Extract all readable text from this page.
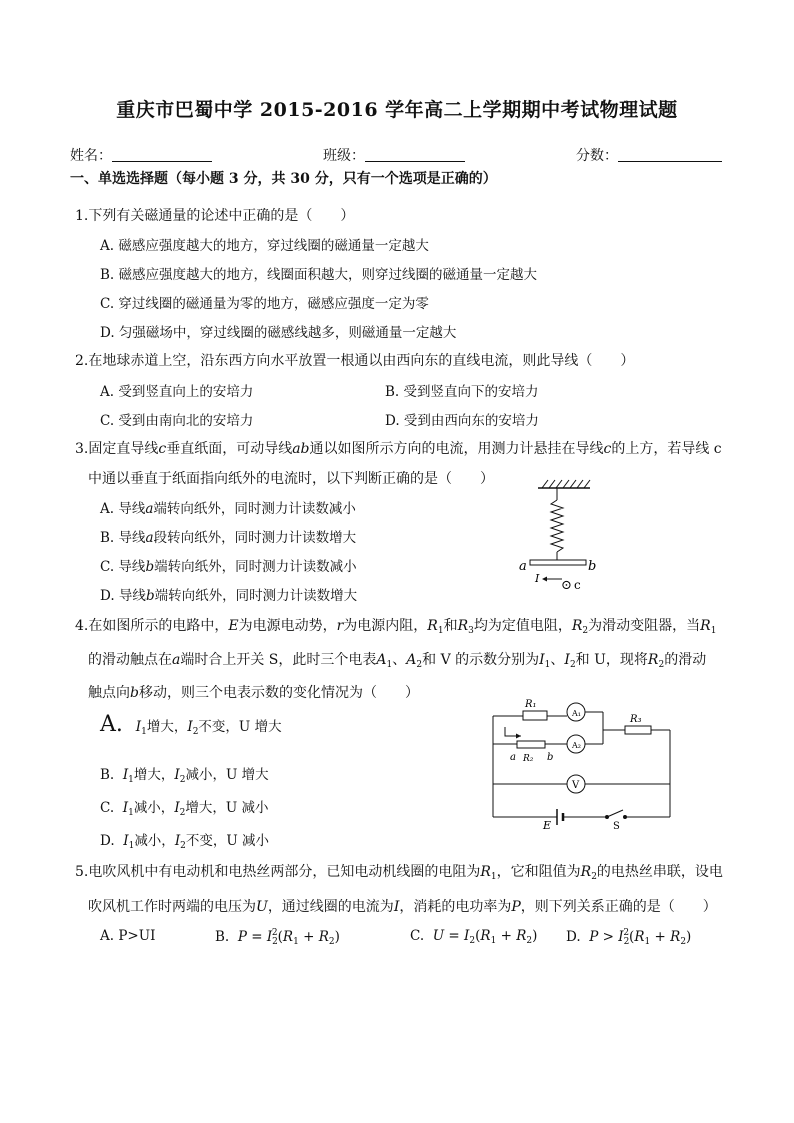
重庆市巴蜀中学 2015-2016 学年高二上学期期中考试物理试题
姓名：	班级：	分数：
一、单选选择题（每小题 3 分，共 30 分，只有一个选项是正确的）
1.下列有关磁通量的论述中正确的是（　　）
A. 磁感应强度越大的地方，穿过线圈的磁通量一定越大
B. 磁感应强度越大的地方，线圈面积越大，则穿过线圈的磁通量一定越大
C. 穿过线圈的磁通量为零的地方，磁感应强度一定为零
D. 匀强磁场中，穿过线圈的磁感线越多，则磁通量一定越大
2.在地球赤道上空，沿东西方向水平放置一根通以由西向东的直线电流，则此导线（　　）
A. 受到竖直向上的安培力	B. 受到竖直向下的安培力
C. 受到由南向北的安培力	D. 受到由西向东的安培力
3.固定直导线c垂直纸面，可动导线ab通以如图所示方向的电流，用测力计悬挂在导线c的上方，若导线 c
中通以垂直于纸面指向纸外的电流时，以下判断正确的是（　　）
A. 导线a端转向纸外，同时测力计读数减小
B. 导线a段转向纸外，同时测力计读数增大
C. 导线b端转向纸外，同时测力计读数减小
D. 导线b端转向纸外，同时测力计读数增大
a	b
I ⊙ c
4.在如图所示的电路中，E为电源电动势，r为电源内阻，$R_1$和$R_3$均为定值电阻，$R_2$为滑动变阻器，当$R_1$
的滑动触点在a端时合上开关 S，此时三个电表$A_1$、$A_2$和 V 的示数分别为$I_1$、$I_2$和 U，现将$R_2$的滑动
触点向b移动，则三个电表示数的变化情况为（　　）
A. $I_1$增大，$I_2$不变，U 增大
B. $I_1$增大，$I_2$减小，U 增大
C. $I_1$减小，$I_2$增大，U 减小
D. $I_1$减小，$I_2$不变，U 减小
R₁
A₁
A₂
R₃
R₂
a	b
V
E	S
5.电吹风机中有电动机和电热丝两部分，已知电动机线圈的电阻为$R_1$，它和阻值为$R_2$的电热丝串联，设电
吹风机工作时两端的电压为U，通过线圈的电流为I，消耗的电功率为P，则下列关系正确的是（　　）
A. P>UI	B. $P = I_2^2(R_1 + R_2)$	C. $U = I_2(R_1 + R_2)$ D. $P > I_2^2(R_1 + R_2)$
